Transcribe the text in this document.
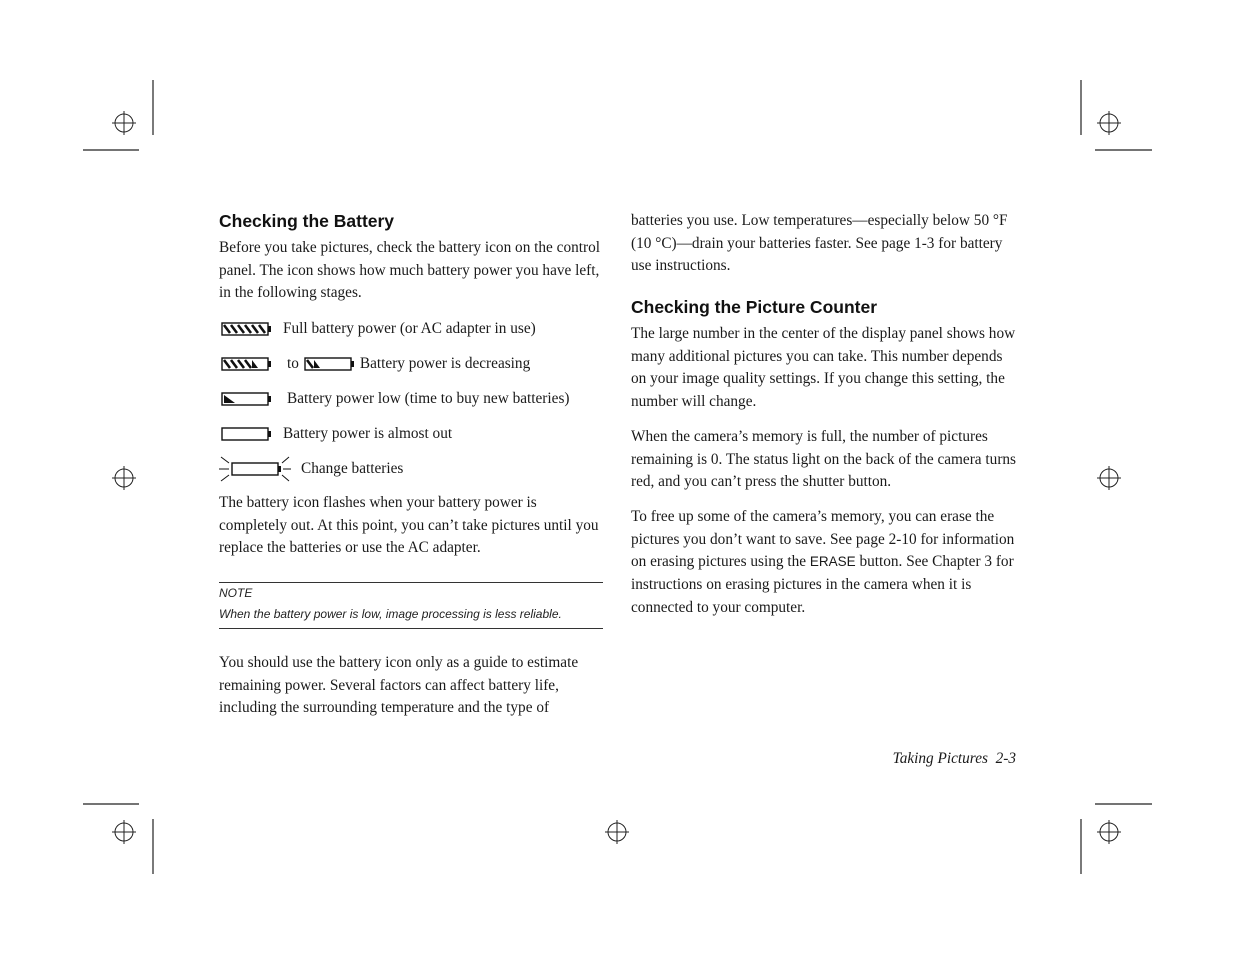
Checking the Battery

Before you take pictures, check the battery icon on the control panel. The icon shows how much battery power you have left, in the following stages.

Full battery power (or AC adapter in use)
to	Battery power is decreasing
Battery power low (time to buy new batteries)
Battery power is almost out
Change batteries

The battery icon flashes when your battery power is completely out. At this point, you can’t take pictures until you replace the batteries or use the AC adapter.

NOTE
When the battery power is low, image processing is less reliable.

You should use the battery icon only as a guide to estimate remaining power. Several factors can affect battery life, including the surrounding temperature and the type of

batteries you use. Low temperatures—especially below 50 °F (10 °C)—drain your batteries faster. See page 1-3 for battery use instructions.

Checking the Picture Counter

The large number in the center of the display panel shows how many additional pictures you can take. This number depends on your image quality settings. If you change this setting, the number will change.

When the camera’s memory is full, the number of pictures remaining is 0. The status light on the back of the camera turns red, and you can’t press the shutter button.

To free up some of the camera’s memory, you can erase the pictures you don’t want to save. See page 2-10 for information on erasing pictures using the ERASE button. See Chapter 3 for instructions on erasing pictures in the camera when it is connected to your computer.

Taking Pictures 2-3
